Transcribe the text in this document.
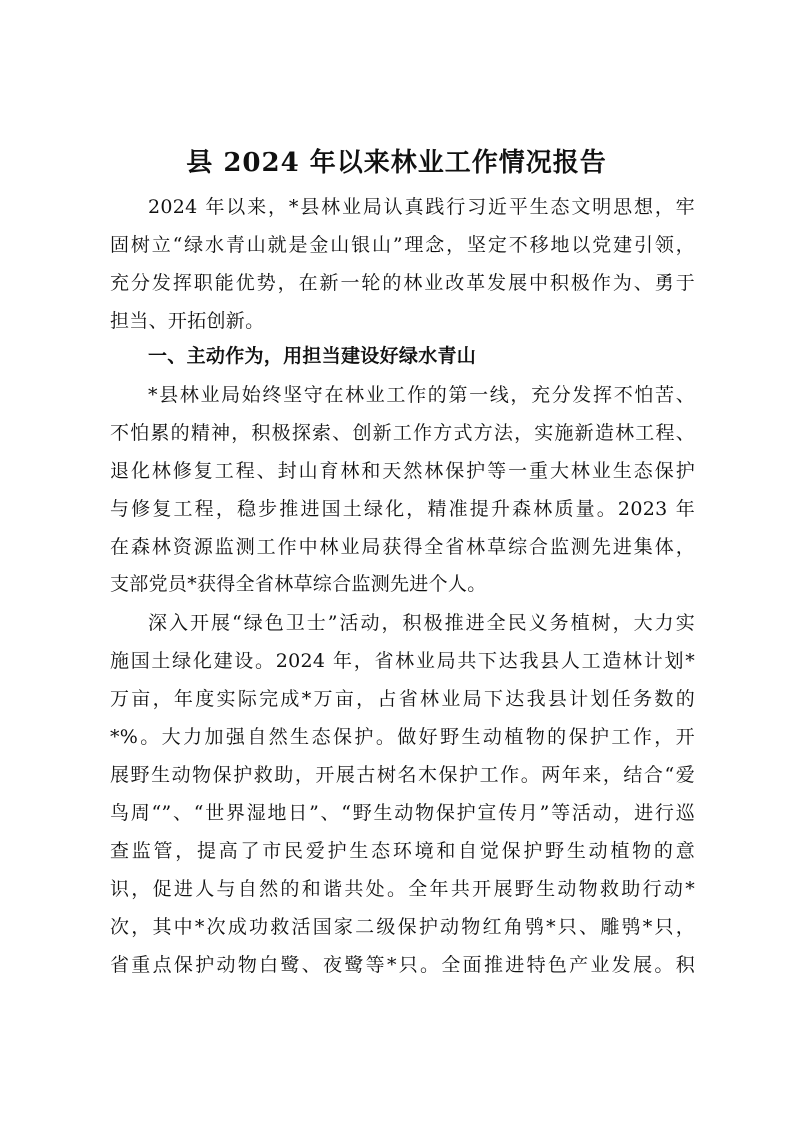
县 2024 年以来林业工作情况报告
2024 年以来，*县林业局认真践行习近平生态文明思想，牢
固树立“绿水青山就是金山银山”理念，坚定不移地以党建引领，
充分发挥职能优势，在新一轮的林业改革发展中积极作为、勇于
担当、开拓创新。
一、主动作为，用担当建设好绿水青山
*县林业局始终坚守在林业工作的第一线，充分发挥不怕苦、
不怕累的精神，积极探索、创新工作方式方法，实施新造林工程、
退化林修复工程、封山育林和天然林保护等一重大林业生态保护
与修复工程，稳步推进国土绿化，精准提升森林质量。2023 年
在森林资源监测工作中林业局获得全省林草综合监测先进集体，
支部党员*获得全省林草综合监测先进个人。
深入开展“绿色卫士”活动，积极推进全民义务植树，大力实
施国土绿化建设。2024 年，省林业局共下达我县人工造林计划*
万亩，年度实际完成*万亩，占省林业局下达我县计划任务数的
*%。大力加强自然生态保护。做好野生动植物的保护工作，开
展野生动物保护救助，开展古树名木保护工作。两年来，结合“爱
鸟周“”、“世界湿地日”、“野生动物保护宣传月”等活动，进行巡
查监管，提高了市民爱护生态环境和自觉保护野生动植物的意
识，促进人与自然的和谐共处。全年共开展野生动物救助行动*
次，其中*次成功救活国家二级保护动物红角鸮*只、雕鸮*只，
省重点保护动物白鹭、夜鹭等*只。全面推进特色产业发展。积
